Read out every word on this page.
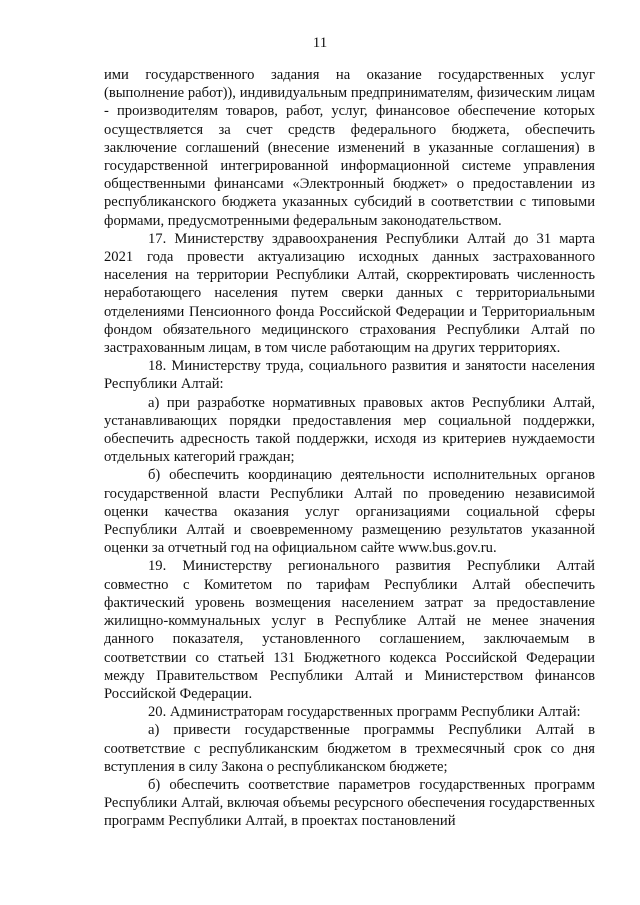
11

ими государственного задания на оказание государственных услуг (выполнение работ)), индивидуальным предпринимателям, физическим лицам - производителям товаров, работ, услуг, финансовое обеспечение которых осуществляется за счет средств федерального бюджета, обеспечить заключение соглашений (внесение изменений в указанные соглашения) в государственной интегрированной информационной системе управления общественными финансами «Электронный бюджет» о предоставлении из республиканского бюджета указанных субсидий в соответствии с типовыми формами, предусмотренными федеральным законодательством.

17. Министерству здравоохранения Республики Алтай до 31 марта 2021 года провести актуализацию исходных данных застрахованного населения на территории Республики Алтай, скорректировать численность неработающего населения путем сверки данных с территориальными отделениями Пенсионного фонда Российской Федерации и Территориальным фондом обязательного медицинского страхования Республики Алтай по застрахованным лицам, в том числе работающим на других территориях.

18. Министерству труда, социального развития и занятости населения Республики Алтай:

а) при разработке нормативных правовых актов Республики Алтай, устанавливающих порядки предоставления мер социальной поддержки, обеспечить адресность такой поддержки, исходя из критериев нуждаемости отдельных категорий граждан;

б) обеспечить координацию деятельности исполнительных органов государственной власти Республики Алтай по проведению независимой оценки качества оказания услуг организациями социальной сферы Республики Алтай и своевременному размещению результатов указанной оценки за отчетный год на официальном сайте www.bus.gov.ru.

19. Министерству регионального развития Республики Алтай совместно с Комитетом по тарифам Республики Алтай обеспечить фактический уровень возмещения населением затрат за предоставление жилищно-коммунальных услуг в Республике Алтай не менее значения данного показателя, установленного соглашением, заключаемым в соответствии со статьей 131 Бюджетного кодекса Российской Федерации между Правительством Республики Алтай и Министерством финансов Российской Федерации.

20. Администраторам государственных программ Республики Алтай:

а) привести государственные программы Республики Алтай в соответствие с республиканским бюджетом в трехмесячный срок со дня вступления в силу Закона о республиканском бюджете;

б) обеспечить соответствие параметров государственных программ Республики Алтай, включая объемы ресурсного обеспечения государственных программ Республики Алтай, в проектах постановлений
